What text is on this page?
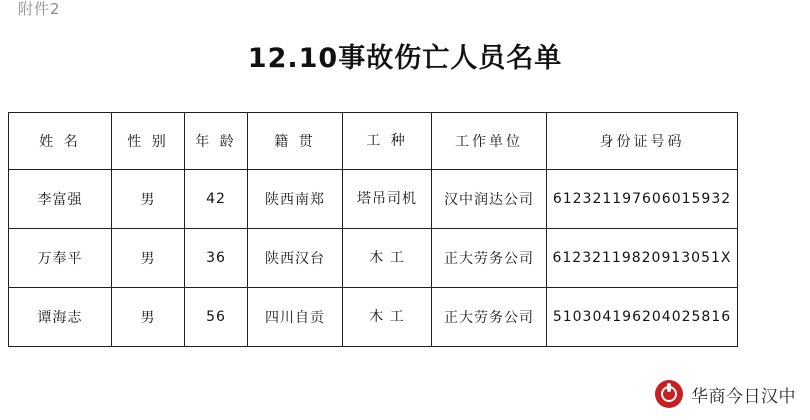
附件2
12.10事故伤亡人员名单
姓 名	性 别	年 龄	籍 贯	工 种	工作单位	身份证号码
李富强	男	42	陕西南郑	塔吊司机	汉中润达公司	612321197606015932
万奉平	男	36	陕西汉台	木 工	正大劳务公司	61232119820913051X
谭海志	男	56	四川自贡	木 工	正大劳务公司	510304196204025816
华商今日汉中
